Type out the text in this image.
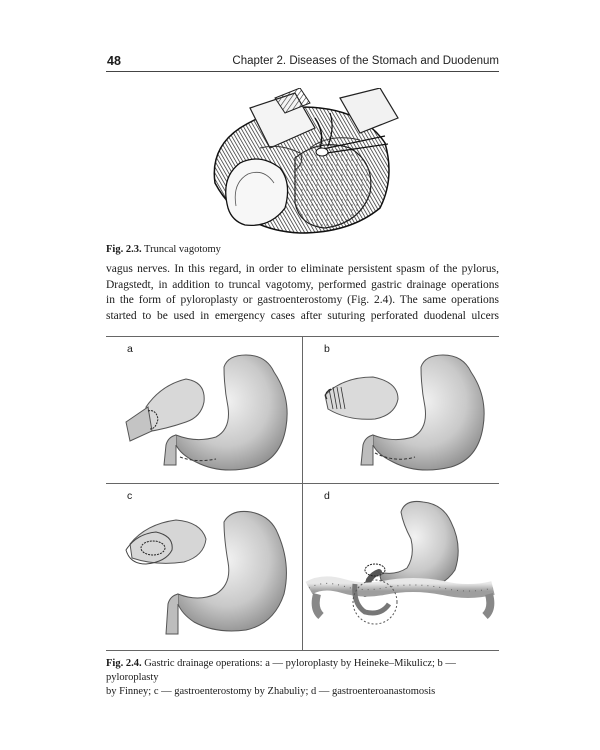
48	Chapter 2. Diseases of the Stomach and Duodenum
Fig. 2.3. Truncal vagotomy
vagus nerves. In this regard, in order to eliminate persistent spasm of the pylorus,
Dragstedt, in addition to truncal vagotomy, performed gastric drainage operations
in the form of pyloroplasty or gastroenterostomy (Fig. 2.4). The same operations
started to be used in emergency cases after suturing perforated duodenal ulcers
a	b
c	d
Fig. 2.4. Gastric drainage operations: a — pyloroplasty by Heineke–Mikulicz; b — pyloroplasty
by Finney; c — gastroenterostomy by Zhabuliy; d — gastroenteroanastomosis
